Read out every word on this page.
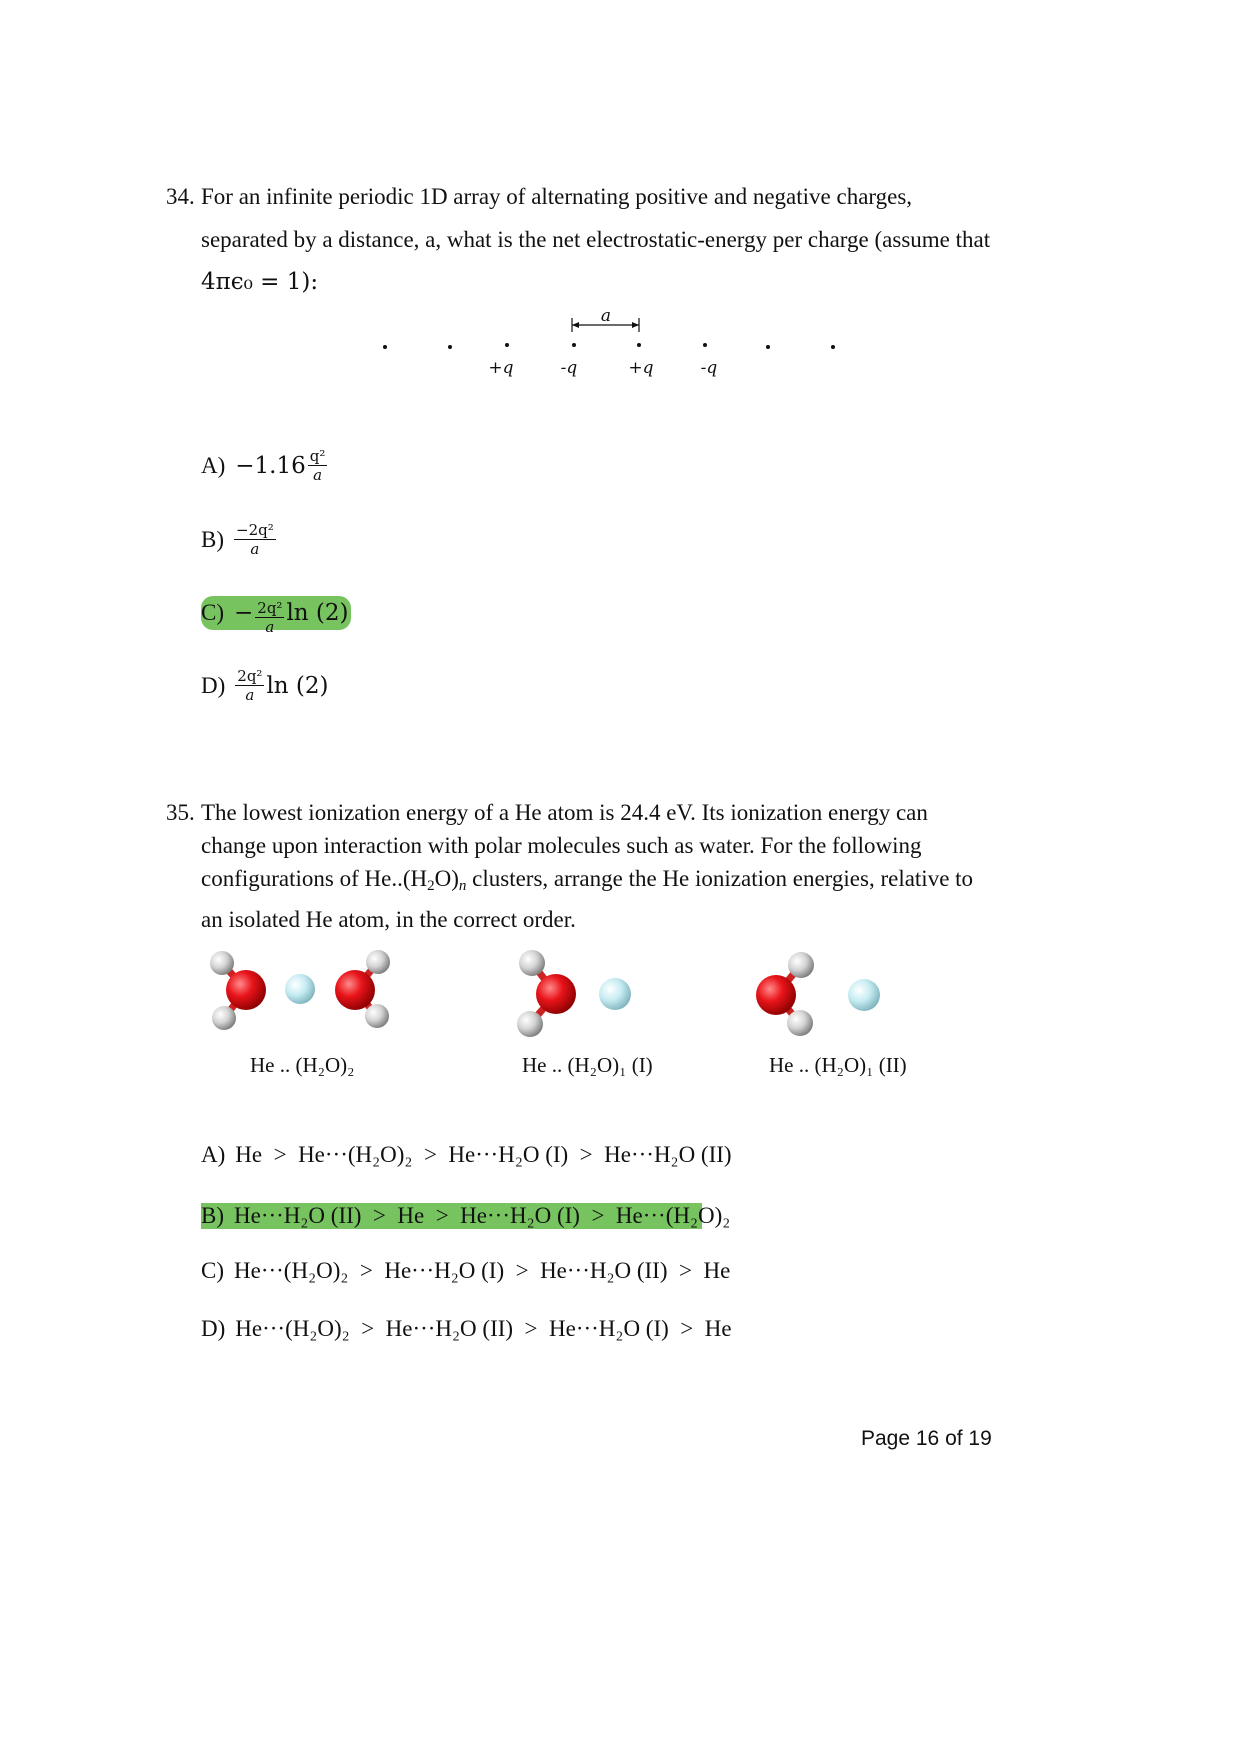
34. For an infinite periodic 1D array of alternating positive and negative charges,
separated by a distance, a, what is the net electrostatic-energy per charge (assume that
4πϵ₀ = 1):
a
+q	-q	+q	-q
$A) -1.16 \frac{\text{q²}}{a}$
$B) \frac{\text{−2q²}}{a}$
$C) - \frac{\text{2q²}}{a}$ ln (2)
$D) \frac{\text{2q²}}{a}$ ln (2)
35. The lowest ionization energy of a He atom is 24.4 eV. Its ionization energy can
change upon interaction with polar molecules such as water. For the following
configurations of $He..(H_2O)_n$ clusters, arrange the He ionization energies, relative to
an isolated He atom, in the correct order.
He .. (H₂O)₂	He .. (H₂O)₁ (I)	He .. (H₂O)₁ (II)
A) He  >  He···(H₂O)₂  >  He···H₂O (I)  >  He···H₂O (II)
B) He···H₂O (II)  >  He  >  He···H₂O (I)  >  He···(H₂O)₂
C) He···(H₂O)₂  >  He···H₂O (I)  >  He···H₂O (II)  >  He
D) He···(H₂O)₂  >  He···H₂O (II)  >  He···H₂O (I)  >  He
Page 16 of 19
